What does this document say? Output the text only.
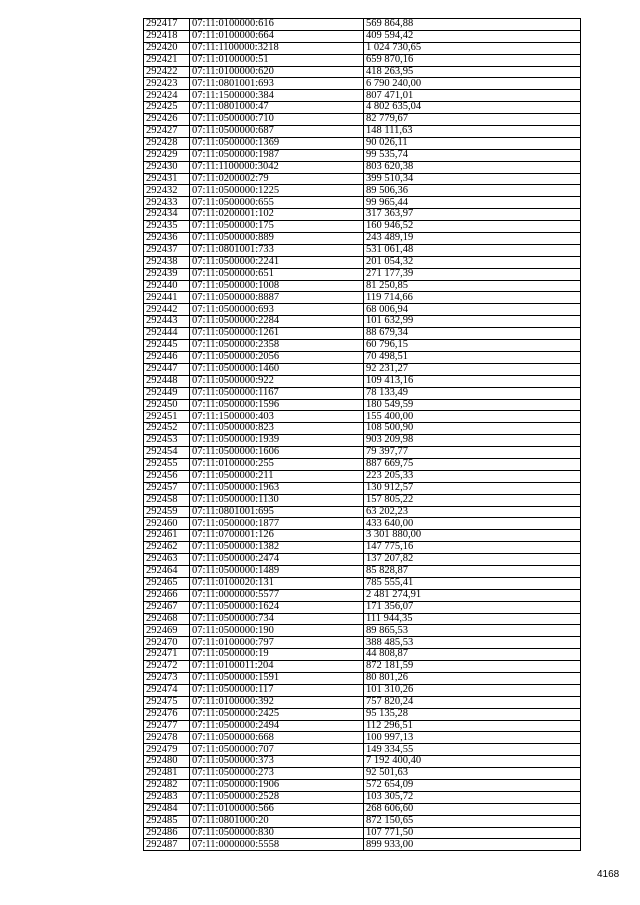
292417	07:11:0100000:616	569 864,88
292418	07:11:0100000:664	409 594,42
292420	07:11:1100000:3218	1 024 730,65
292421	07:11:0100000:51	659 870,16
292422	07:11:0100000:620	418 263,95
292423	07:11:0801001:693	6 790 240,00
292424	07:11:1500000:384	807 471,01
292425	07:11:0801000:47	4 802 635,04
292426	07:11:0500000:710	82 779,67
292427	07:11:0500000:687	148 111,63
292428	07:11:0500000:1369	90 026,11
292429	07:11:0500000:1987	99 535,74
292430	07:11:1100000:3042	803 620,38
292431	07:11:0200002:79	399 510,34
292432	07:11:0500000:1225	89 506,36
292433	07:11:0500000:655	99 965,44
292434	07:11:0200001:102	317 363,97
292435	07:11:0500000:175	160 946,52
292436	07:11:0500000:889	243 489,19
292437	07:11:0801001:733	531 061,48
292438	07:11:0500000:2241	201 054,32
292439	07:11:0500000:651	271 177,39
292440	07:11:0500000:1008	81 250,85
292441	07:11:0500000:8887	119 714,66
292442	07:11:0500000:693	68 006,94
292443	07:11:0500000:2284	101 632,99
292444	07:11:0500000:1261	88 679,34
292445	07:11:0500000:2358	60 796,15
292446	07:11:0500000:2056	70 498,51
292447	07:11:0500000:1460	92 231,27
292448	07:11:0500000:922	109 413,16
292449	07:11:0500000:1167	78 133,49
292450	07:11:0500000:1596	180 549,59
292451	07:11:1500000:403	155 400,00
292452	07:11:0500000:823	108 500,90
292453	07:11:0500000:1939	903 209,98
292454	07:11:0500000:1606	79 397,77
292455	07:11:0100000:255	887 669,75
292456	07:11:0500000:211	223 205,33
292457	07:11:0500000:1963	130 912,57
292458	07:11:0500000:1130	157 805,22
292459	07:11:0801001:695	63 202,23
292460	07:11:0500000:1877	433 640,00
292461	07:11:0700001:126	3 301 880,00
292462	07:11:0500000:1382	147 775,16
292463	07:11:0500000:2474	137 207,82
292464	07:11:0500000:1489	85 828,87
292465	07:11:0100020:131	785 555,41
292466	07:11:0000000:5577	2 481 274,91
292467	07:11:0500000:1624	171 356,07
292468	07:11:0500000:734	111 944,35
292469	07:11:0500000:190	89 865,53
292470	07:11:0100000:797	388 485,53
292471	07:11:0500000:19	44 808,87
292472	07:11:0100011:204	872 181,59
292473	07:11:0500000:1591	80 801,26
292474	07:11:0500000:117	101 310,26
292475	07:11:0100000:392	757 820,24
292476	07:11:0500000:2425	95 135,28
292477	07:11:0500000:2494	112 296,51
292478	07:11:0500000:668	100 997,13
292479	07:11:0500000:707	149 334,55
292480	07:11:0500000:373	7 192 400,40
292481	07:11:0500000:273	92 501,63
292482	07:11:0500000:1906	572 654,09
292483	07:11:0500000:2528	103 305,72
292484	07:11:0100000:566	268 606,60
292485	07:11:0801000:20	872 150,65
292486	07:11:0500000:830	107 771,50
292487	07:11:0000000:5558	899 933,00
4168
